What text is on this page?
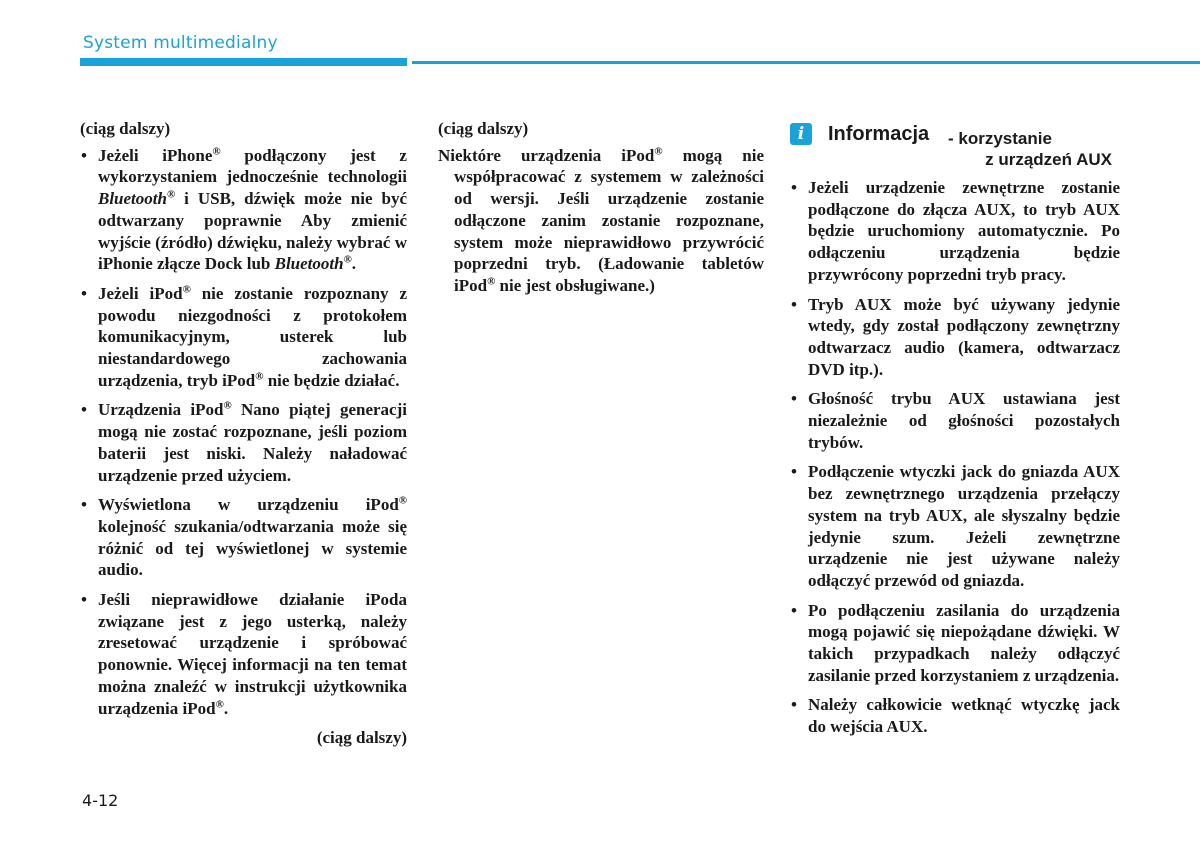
System multimedialny
(ciąg dalszy)
• Jeżeli iPhone® podłączony jest z wykorzystaniem jednocześnie technologii Bluetooth® i USB, dźwięk może nie być odtwarzany poprawnie Aby zmienić wyjście (źródło) dźwięku, należy wybrać w iPhonie złącze Dock lub Bluetooth®.
• Jeżeli iPod® nie zostanie rozpoznany z powodu niezgodności z protokołem komunikacyjnym, usterek lub niestandardowego zachowania urządzenia, tryb iPod® nie będzie działać.
• Urządzenia iPod® Nano piątej generacji mogą nie zostać rozpoznane, jeśli poziom baterii jest niski. Należy naładować urządzenie przed użyciem.
• Wyświetlona w urządzeniu iPod® kolejność szukania/odtwarzania może się różnić od tej wyświetlonej w systemie audio.
• Jeśli nieprawidłowe działanie iPoda związane jest z jego usterką, należy zresetować urządzenie i spróbować ponownie. Więcej informacji na ten temat można znaleźć w instrukcji użytkownika urządzenia iPod®.
(ciąg dalszy)
(ciąg dalszy)

Niektóre urządzenia iPod® mogą nie współpracować z systemem w zależności od wersji. Jeśli urządzenie zostanie odłączone zanim zostanie rozpoznane, system może nieprawidłowo przywrócić poprzedni tryb. (Ładowanie tabletów iPod® nie jest obsługiwane.)

i	Informacja - korzystanie
z urządzeń AUX
• Jeżeli urządzenie zewnętrzne zostanie podłączone do złącza AUX, to tryb AUX będzie uruchomiony automatycznie. Po odłączeniu urządzenia będzie przywrócony poprzedni tryb pracy.
• Tryb AUX może być używany jedynie wtedy, gdy został podłączony zewnętrzny odtwarzacz audio (kamera, odtwarzacz DVD itp.).
• Głośność trybu AUX ustawiana jest niezależnie od głośności pozostałych trybów.
• Podłączenie wtyczki jack do gniazda AUX bez zewnętrznego urządzenia przełączy system na tryb AUX, ale słyszalny będzie jedynie szum. Jeżeli zewnętrzne urządzenie nie jest używane należy odłączyć przewód od gniazda.
• Po podłączeniu zasilania do urządzenia mogą pojawić się niepożądane dźwięki. W takich przypadkach należy odłączyć zasilanie przed korzystaniem z urządzenia.
• Należy całkowicie wetknąć wtyczkę jack do wejścia AUX.
4-12
